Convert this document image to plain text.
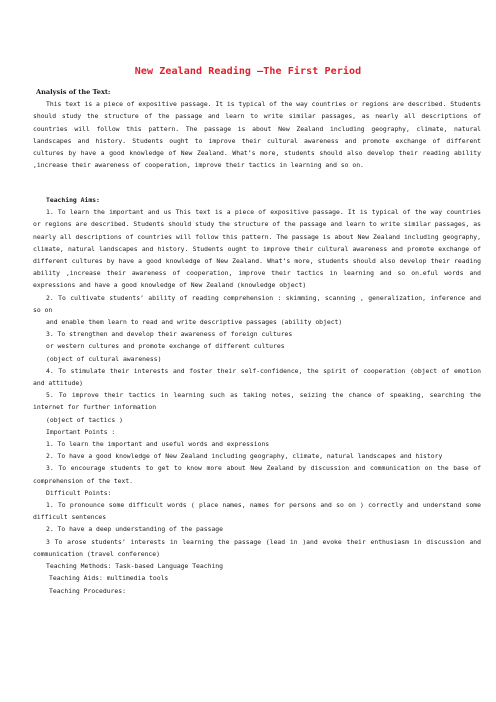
New Zealand Reading —The First Period
Analysis of the Text:
This text is a piece of expositive passage. It is typical of the way countries or regions are described. Students should study the structure of the passage and learn to write similar passages, as nearly all descriptions of countries will follow this pattern. The passage is about New Zealand including geography, climate, natural landscapes and history. Students ought to improve their cultural awareness and promote exchange of different cultures by have a good knowledge of New Zealand. What’s more, students should also develop their reading ability ,increase their awareness of cooperation, improve their tactics in learning and so on.
Teaching Aims:
1. To learn the important and us This text is a piece of expositive passage. It is typical of the way countries or regions are described. Students should study the structure of the passage and learn to write similar passages, as nearly all descriptions of countries will follow this pattern. The passage is about New Zealand including geography, climate, natural landscapes and history. Students ought to improve their cultural awareness and promote exchange of different cultures by have a good knowledge of New Zealand. What’s more, students should also develop their reading ability ,increase their awareness of cooperation, improve their tactics in learning and so on.eful words and expressions and have a good knowledge of New Zealand (knowledge object)
2. To cultivate students’ ability of reading comprehension : skimming, scanning , generalization, inference and so on
and enable them learn to read and write descriptive passages (ability object)
3. To strengthen and develop their awareness of foreign cultures
or western cultures and promote exchange of different cultures
(object of cultural awareness)
4. To stimulate their interests and foster their self-confidence, the spirit of cooperation (object of emotion and attitude)
5. To improve their tactics in learning such as taking notes, seizing the chance of speaking, searching the internet for further information
(object of tactics )
Important Points :
1. To learn the important and useful words and expressions
2. To have a good knowledge of New Zealand including geography, climate, natural landscapes and history
3. To encourage students to get to know more about New Zealand by discussion and communication on the base of comprehension of the text.
Difficult Points:
1. To pronounce some difficult words ( place names, names for persons and so on ) correctly and understand some difficult sentences
2. To have a deep understanding of the passage
3 To arose students’ interests in learning the passage (lead in )and evoke their enthusiasm in discussion and communication (travel conference)
Teaching Methods: Task-based Language Teaching
Teaching Aids: multimedia tools
Teaching Procedures:
